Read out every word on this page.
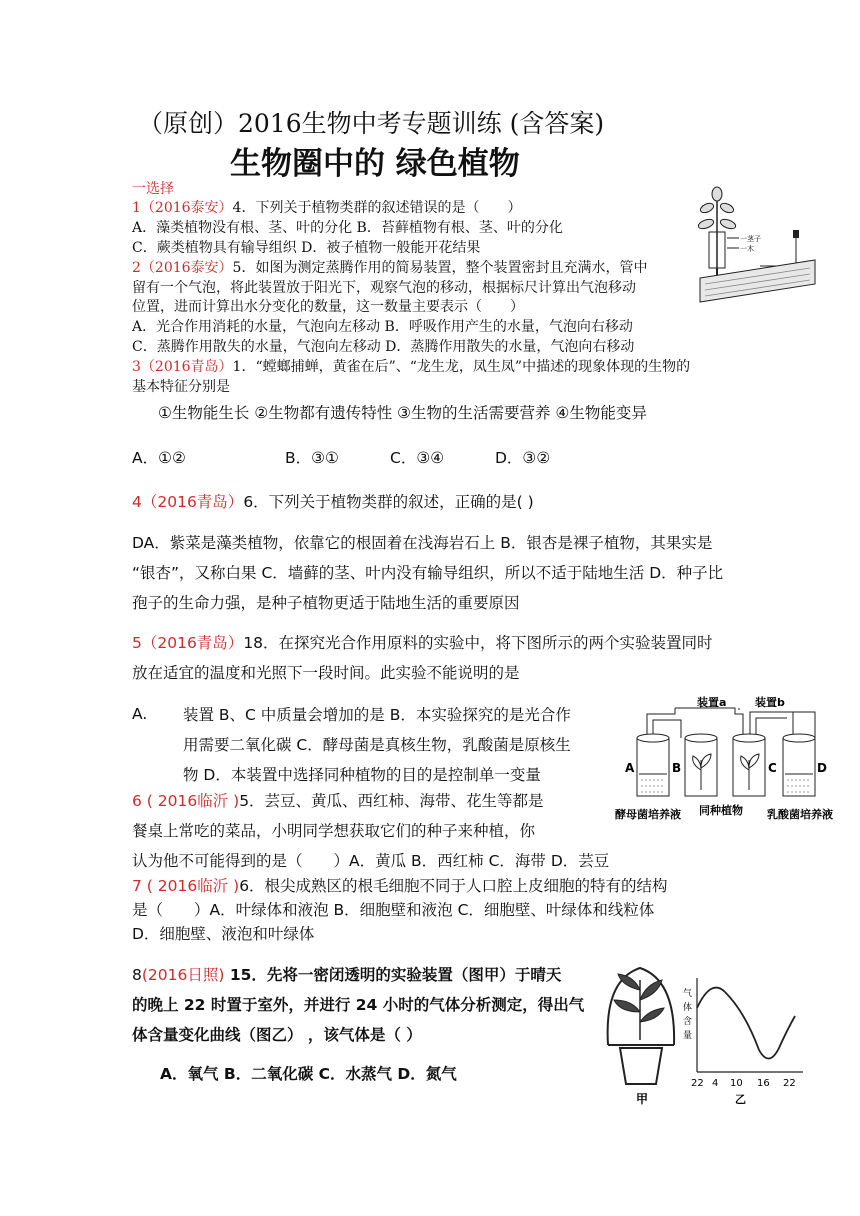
（原创）2016生物中考专题训练 (含答案)
生物圈中的 绿色植物
一选择
1（2016泰安）4．下列关于植物类群的叙述错误的是（　　）
A．藻类植物没有根、茎、叶的分化 B．苔藓植物有根、茎、叶的分化
C．蕨类植物具有输导组织 D．被子植物一般能开花结果
2（2016泰安）5．如图为测定蒸腾作用的简易装置，整个装置密封且充满水，管中
留有一个气泡，将此装置放于阳光下，观察气泡的移动，根据标尺计算出气泡移动
位置，进而计算出水分变化的数量，这一数量主要表示（　　）
A．光合作用消耗的水量，气泡向左移动 B．呼吸作用产生的水量，气泡向右移动
C．蒸腾作用散失的水量，气泡向左移动 D．蒸腾作用散失的水量，气泡向右移动
一茎子
一木
3（2016青岛）1．“螳螂捕蝉，黄雀在后”、“龙生龙，凤生凤”中描述的现象体现的生物的
基本特征分别是
①生物能生长 ②生物都有遗传特性 ③生物的生活需要营养 ④生物能变异
A．①②	B．③①	C．③④	D．③②
4（2016青岛）6．下列关于植物类群的叙述，正确的是( )
DA．紫菜是藻类植物，依靠它的根固着在浅海岩石上 B．银杏是裸子植物，其果实是
“银杏”，又称白果 C．墙藓的茎、叶内没有输导组织，所以不适于陆地生活 D．种子比
孢子的生命力强，是种子植物更适于陆地生活的重要原因
5（2016青岛）18．在探究光合作用原料的实验中，将下图所示的两个实验装置同时
放在适宜的温度和光照下一段时间。此实验不能说明的是
A. 装置 B、C 中质量会增加的是 B．本实验探究的是光合作
用需要二氧化碳 C．酵母菌是真核生物，乳酸菌是原核生
物 D．本装置中选择同种植物的目的是控制单一变量
装置a	装置b
A	B	C	D
酵母菌培养液 同种植物 乳酸菌培养液
6 ( 2016临沂 )5．芸豆、黄瓜、西红柿、海带、花生等都是
餐桌上常吃的菜品，小明同学想获取它们的种子来种植，你
认为他不可能得到的是（　　）A．黄瓜 B．西红柿 C．海带 D．芸豆
7 ( 2016临沂 )6．根尖成熟区的根毛细胞不同于人口腔上皮细胞的特有的结构
是（　　）A．叶绿体和液泡 B．细胞壁和液泡 C．细胞壁、叶绿体和线粒体
D．细胞壁、液泡和叶绿体
8(2016日照) 15．先将一密闭透明的实验装置（图甲）于晴天
的晚上 22 时置于室外，并进行 24 小时的气体分析测定，得出气
体含量变化曲线（图乙） ，该气体是（ ）
A．氧气 B．二氧化碳 C．水蒸气 D．氮气
甲
气
体
含
量
22 4 10 16 22
乙
